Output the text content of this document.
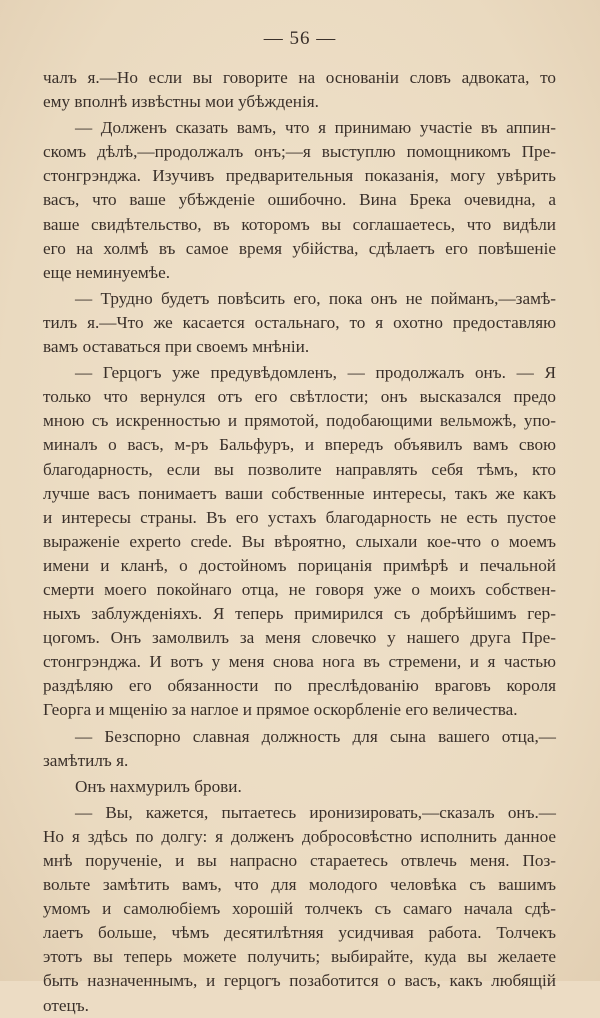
— 56 —
чалъ я.—Но если вы говорите на основаніи словъ адвоката, то
ему вполнѣ извѣстны мои убѣжденія.
— Долженъ сказать вамъ, что я принимаю участіе въ аппин-
скомъ дѣлѣ,—продолжалъ онъ;—я выступлю помощникомъ Пре-
стонгрэнджа. Изучивъ предварительныя показанія, могу увѣрить
васъ, что ваше убѣжденіе ошибочно. Вина Брека очевидна, а
ваше свидѣтельство, въ которомъ вы соглашаетесь, что видѣли
его на холмѣ въ самое время убійства, сдѣлаетъ его повѣшеніе
еще неминуемѣе.
— Трудно будетъ повѣсить его, пока онъ не пойманъ,—замѣ-
тилъ я.—Что же касается остальнаго, то я охотно предоставляю
вамъ оставаться при своемъ мнѣніи.
— Герцогъ уже предувѣдомленъ, — продолжалъ онъ. — Я
только что вернулся отъ его свѣтлости; онъ высказался предо
мною съ искренностью и прямотой, подобающими вельможѣ, упо-
миналъ о васъ, м-ръ Бальфуръ, и впередъ объявилъ вамъ свою
благодарность, если вы позволите направлять себя тѣмъ, кто
лучше васъ понимаетъ ваши собственные интересы, такъ же какъ
и интересы страны. Въ его устахъ благодарность не есть пустое
выраженіе experto crede. Вы вѣроятно, слыхали кое-что о моемъ
имени и кланѣ, о достойномъ порицанія примѣрѣ и печальной
смерти моего покойнаго отца, не говоря уже о моихъ собствен-
ныхъ заблужденіяхъ. Я теперь примирился съ добрѣйшимъ гер-
цогомъ. Онъ замолвилъ за меня словечко у нашего друга Пре-
стонгрэнджа. И вотъ у меня снова нога въ стремени, и я частью
раздѣляю его обязанности по преслѣдованію враговъ короля
Георга и мщенію за наглое и прямое оскорбленіе его величества.
— Безспорно славная должность для сына вашего отца,—
замѣтилъ я.
Онъ нахмурилъ брови.
— Вы, кажется, пытаетесь иронизировать,—сказалъ онъ.—
Но я здѣсь по долгу: я долженъ добросовѣстно исполнить данное
мнѣ порученіе, и вы напрасно стараетесь отвлечь меня. Поз-
вольте замѣтить вамъ, что для молодого человѣка съ вашимъ
умомъ и самолюбіемъ хорошій толчекъ съ самаго начала сдѣ-
лаетъ больше, чѣмъ десятилѣтняя усидчивая работа. Толчекъ
этотъ вы теперь можете получить; выбирайте, куда вы желаете
быть назначеннымъ, и герцогъ позаботится о васъ, какъ любящій
отецъ.
